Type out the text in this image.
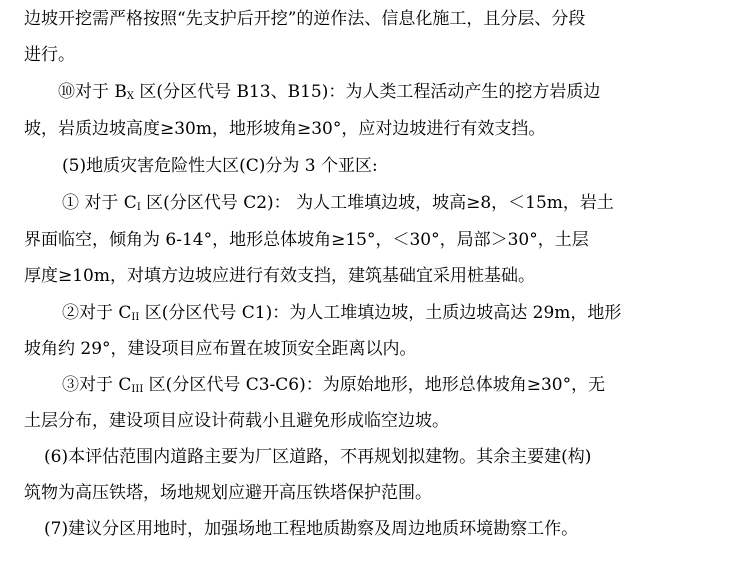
边坡开挖需严格按照“先支护后开挖”的逆作法、信息化施工，且分层、分段
进行。
⑩对于 $B_X$ 区(分区代号 B13、B15)：为人类工程活动产生的挖方岩质边
坡，岩质边坡高度≥30m，地形坡角≥30°，应对边坡进行有效支挡。
(5)地质灾害危险性大区(C)分为 3 个亚区:
① 对于 $C_I$ 区(分区代号 C2)： 为人工堆填边坡，坡高≥8，＜15m，岩土
界面临空，倾角为 6-14°，地形总体坡角≥15°，＜30°，局部＞30°，土层
厚度≥10m，对填方边坡应进行有效支挡，建筑基础宜采用桩基础。
②对于 $C_{II}$ 区(分区代号 C1)：为人工堆填边坡，土质边坡高达 29m，地形
坡角约 29°，建设项目应布置在坡顶安全距离以内。
③对于 $C_{III}$ 区(分区代号 C3-C6)：为原始地形，地形总体坡角≥30°，无
土层分布，建设项目应设计荷载小且避免形成临空边坡。
(6)本评估范围内道路主要为厂区道路，不再规划拟建物。其余主要建(构)
筑物为高压铁塔，场地规划应避开高压铁塔保护范围。
(7)建议分区用地时，加强场地工程地质勘察及周边地质环境勘察工作。
